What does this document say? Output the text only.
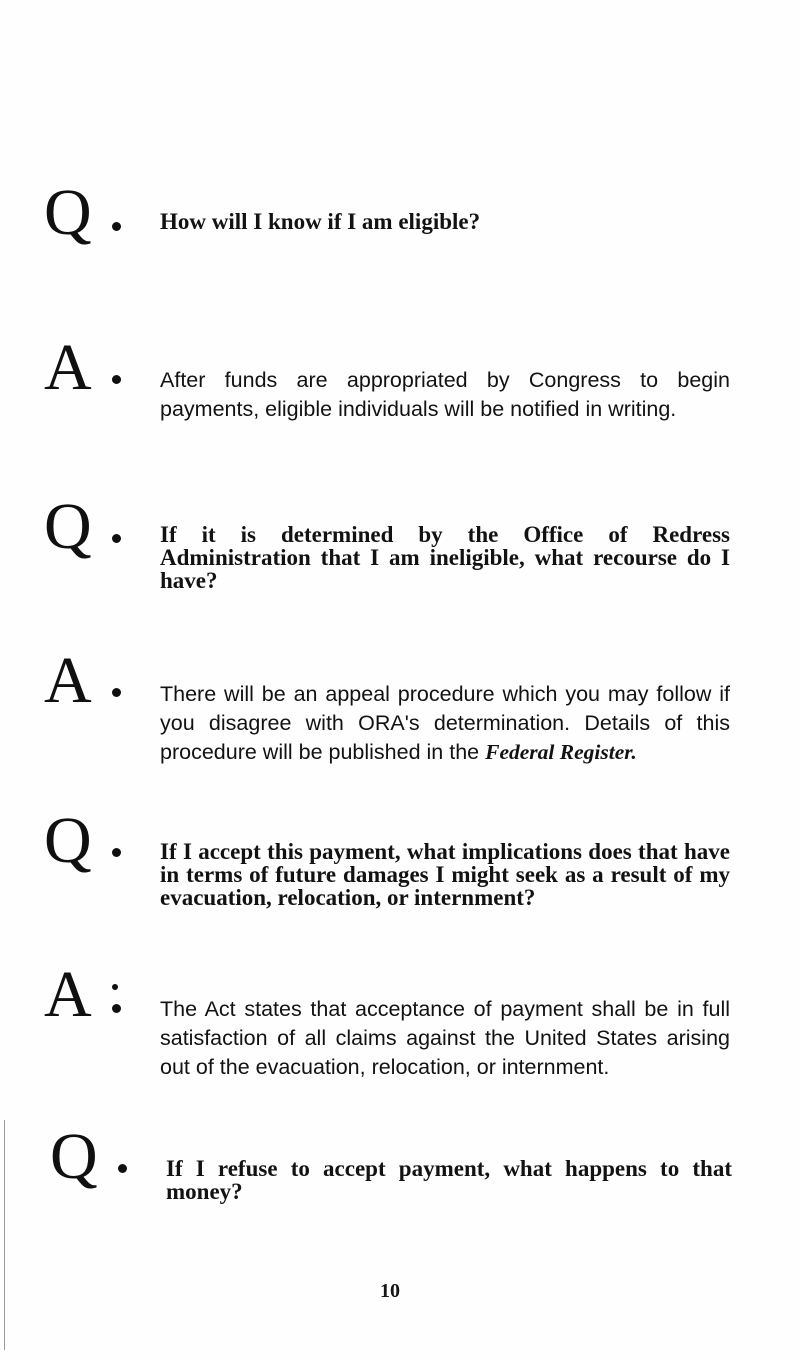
Q	How will I know if I am eligible?
A	After funds are appropriated by Congress to begin payments, eligible individuals will be notified in writing.
Q	If it is determined by the Office of Redress Administration that I am ineligible, what recourse do I have?
A	There will be an appeal procedure which you may follow if you disagree with ORA's determination. Details of this procedure will be published in the Federal Register.
Q	If I accept this payment, what implications does that have in terms of future damages I might seek as a result of my evacuation, relocation, or internment?
A	The Act states that acceptance of payment shall be in full satisfaction of all claims against the United States arising out of the evacuation, relocation, or internment.
Q	If I refuse to accept payment, what happens to that money?
10
